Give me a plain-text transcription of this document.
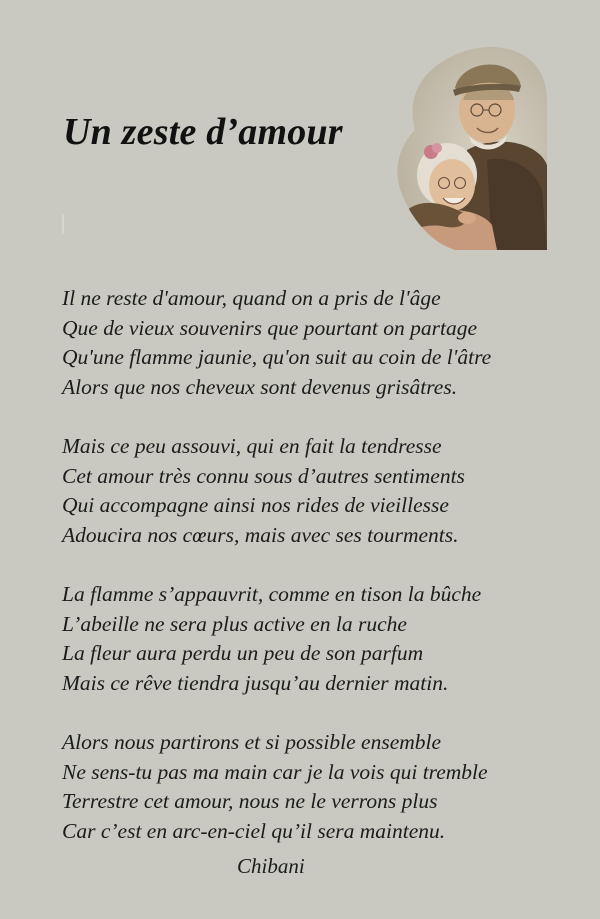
Un zeste d’amour
Il ne reste d'amour, quand on a pris de l'âge
Que de vieux souvenirs que pourtant on partage
Qu'une flamme jaunie, qu'on suit au coin de l'âtre
Alors que nos cheveux sont devenus grisâtres.
Mais ce peu assouvi, qui en fait la tendresse
Cet amour très connu sous d’autres sentiments
Qui accompagne ainsi nos rides de vieillesse
Adoucira nos cœurs, mais avec ses tourments.
La flamme s’appauvrit, comme en tison la bûche
L’abeille ne sera plus active en la ruche
La fleur aura perdu un peu de son parfum
Mais ce rêve tiendra jusqu’au dernier matin.
Alors nous partirons et si possible ensemble
Ne sens-tu pas ma main car je la vois qui tremble
Terrestre cet amour, nous ne le verrons plus
Car c’est en arc-en-ciel qu’il sera maintenu.
Chibani
